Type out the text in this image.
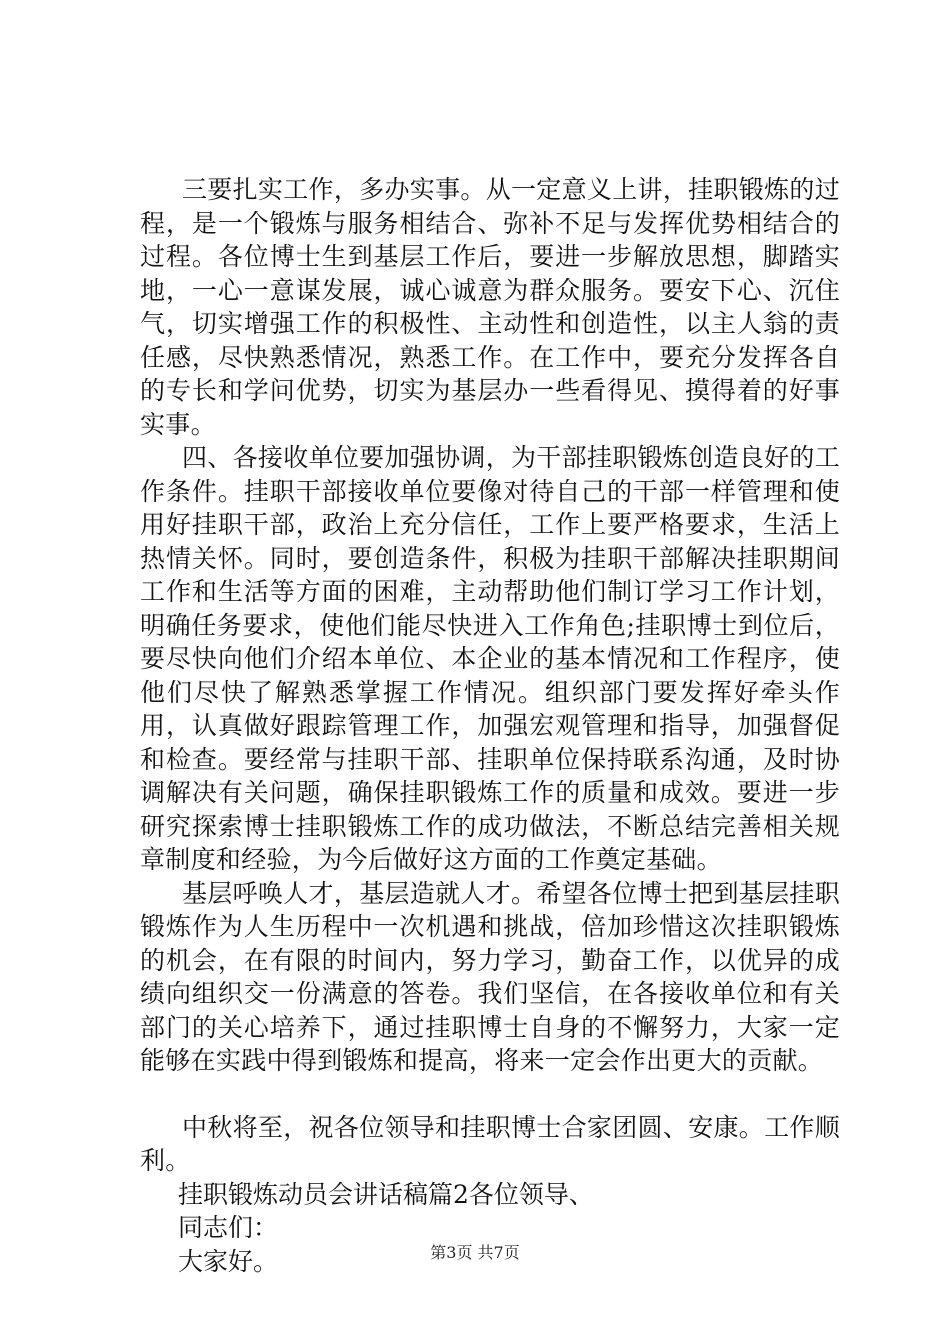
三要扎实工作，多办实事。从一定意义上讲，挂职锻炼的过程，是一个锻炼与服务相结合、弥补不足与发挥优势相结合的过程。各位博士生到基层工作后，要进一步解放思想，脚踏实地，一心一意谋发展，诚心诚意为群众服务。要安下心、沉住气，切实增强工作的积极性、主动性和创造性，以主人翁的责任感，尽快熟悉情况，熟悉工作。在工作中，要充分发挥各自的专长和学问优势，切实为基层办一些看得见、摸得着的好事实事。

四、各接收单位要加强协调，为干部挂职锻炼创造良好的工作条件。挂职干部接收单位要像对待自己的干部一样管理和使用好挂职干部，政治上充分信任，工作上要严格要求，生活上热情关怀。同时，要创造条件，积极为挂职干部解决挂职期间工作和生活等方面的困难，主动帮助他们制订学习工作计划，明确任务要求，使他们能尽快进入工作角色;挂职博士到位后，要尽快向他们介绍本单位、本企业的基本情况和工作程序，使他们尽快了解熟悉掌握工作情况。组织部门要发挥好牵头作用，认真做好跟踪管理工作，加强宏观管理和指导，加强督促和检查。要经常与挂职干部、挂职单位保持联系沟通，及时协调解决有关问题，确保挂职锻炼工作的质量和成效。要进一步研究探索博士挂职锻炼工作的成功做法，不断总结完善相关规章制度和经验，为今后做好这方面的工作奠定基础。

基层呼唤人才，基层造就人才。希望各位博士把到基层挂职锻炼作为人生历程中一次机遇和挑战，倍加珍惜这次挂职锻炼的机会，在有限的时间内，努力学习，勤奋工作，以优异的成绩向组织交一份满意的答卷。我们坚信，在各接收单位和有关部门的关心培养下，通过挂职博士自身的不懈努力，大家一定能够在实践中得到锻炼和提高，将来一定会作出更大的贡献。

中秋将至，祝各位领导和挂职博士合家团圆、安康。工作顺利。

挂职锻炼动员会讲话稿篇2各位领导、

同志们：

大家好。	第3页 共7页
